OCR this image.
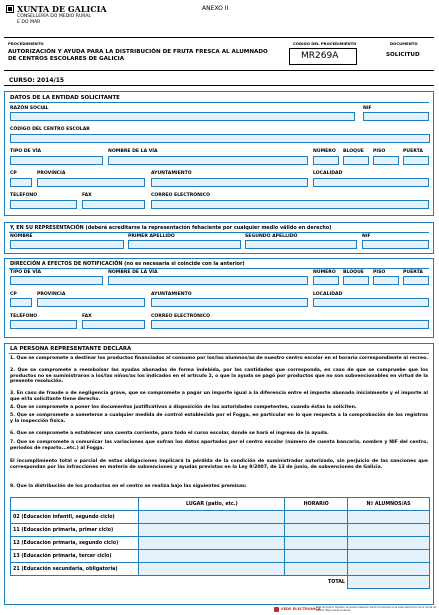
XUNTA DE GALICIA
CONSELLERÍA DO MEDIO RURAL
E DO MAR
ANEXO II
PROCEDIMIENTO
AUTORIZACIÓN Y AYUDA PARA LA DISTRIBUCIÓN DE FRUTA FRESCA AL ALUMNADO DE CENTROS ESCOLARES DE GALICIA
CÓDIGO DEL PROCEDIMIENTO
MR269A
DOCUMENTO
SOLICITUD
CURSO: 2014/15
DATOS DE LA ENTIDAD SOLICITANTE
RAZÓN SOCIAL	NIF
CÓDIGO DEL CENTRO ESCOLAR
TIPO DE VÍA	NOMBRE DE LA VÍA	NÚMERO BLOQUE PISO	PUERTA
CP	PROVINCIA	AYUNTAMIENTO	LOCALIDAD
TELÉFONO	FAX	CORREO ELECTRÓNICO
Y, EN SU REPRESENTACIÓN (deberá acreditarse la representación fehaciente por cualquier medio válido en derecho)
NOMBRE	PRIMER APELLIDO	SEGUNDO APELLIDO	NIF
DIRECCIÓN A EFECTOS DE NOTIFICACIÓN (no es necesaria si coincide con la anterior)
TIPO DE VÍA	NOMBRE DE LA VÍA	NÚMERO BLOQUE PISO	PUERTA
CP	PROVINCIA	AYUNTAMIENTO	LOCALIDAD
TELÉFONO	FAX	CORREO ELECTRÓNICO
LA PERSONA REPRESENTANTE DECLARA
1. Que se compromete a destinar los productos financiados al consumo por los/las alumnos/as de nuestro centro escolar en el horario correspondiente al recreo.
2. Que se compromete a reembolsar las ayudas abonadas de forma indebida, por las cantidades que corresponda, en caso de que se compruebe que los productos no se suministraron a los/las niños/as los indicados en el artículo 2, o que la ayuda se pagó por productos que no son subvencionables en virtud de la presente resolución.
3. En caso de fraude o de negligencia grave, que se compromete a pagar un importe igual a la diferencia entre el importe abonado inicialmente y el importe al que el/la solicitante tiene derecho.
4. Que se compromete a poner los documentos justificativos a disposición de las autoridades competentes, cuando éstas lo soliciten.
5. Que se compromete a someterse a cualquier medida de control establecida por el Fogga, en particular en lo que respecta a la comprobación de los registros y la inspección física.
6. Que se compromete a establecer una cuenta corriente, para todo el curso escolar, donde se hará el ingreso de la ayuda.
7. Que se compromete a comunicar las variaciones que sufran los datos aportados por el centro escolar (número de cuenta bancaria, nombre y NIF del centro, periodos de reparto...etc.) al Fogga.
El incumplimiento total o parcial de estas obligaciones implicará la pérdida de la condición de suministrador autorizado, sin perjuicio de las sanciones que correspondan por las infracciones en materia de subvenciones y ayudas previstas en la Ley 9/2007, de 13 de junio, de subvenciones de Galicia.
8. Que la distribución de los productos en el centro se realiza bajo las siguientes premisas:
	LUGAR (patio, etc.)	HORARIO	Nº ALUMNOS/AS
02 (Educación infantil, segundo ciclo)			
11 (Educación primaria, primer ciclo)			
12 (Educación primaria, segundo ciclo)			
13 (Educación primaria, tercer ciclo)			
21 (Educación secundaria, obligatoria)			
TOTAL			
SEDE ELECTRÓNICA
Este formulario también se puede presentar electrónicamente en la sede electrónica de la Xunta de Galicia https://sede.xunta.es
